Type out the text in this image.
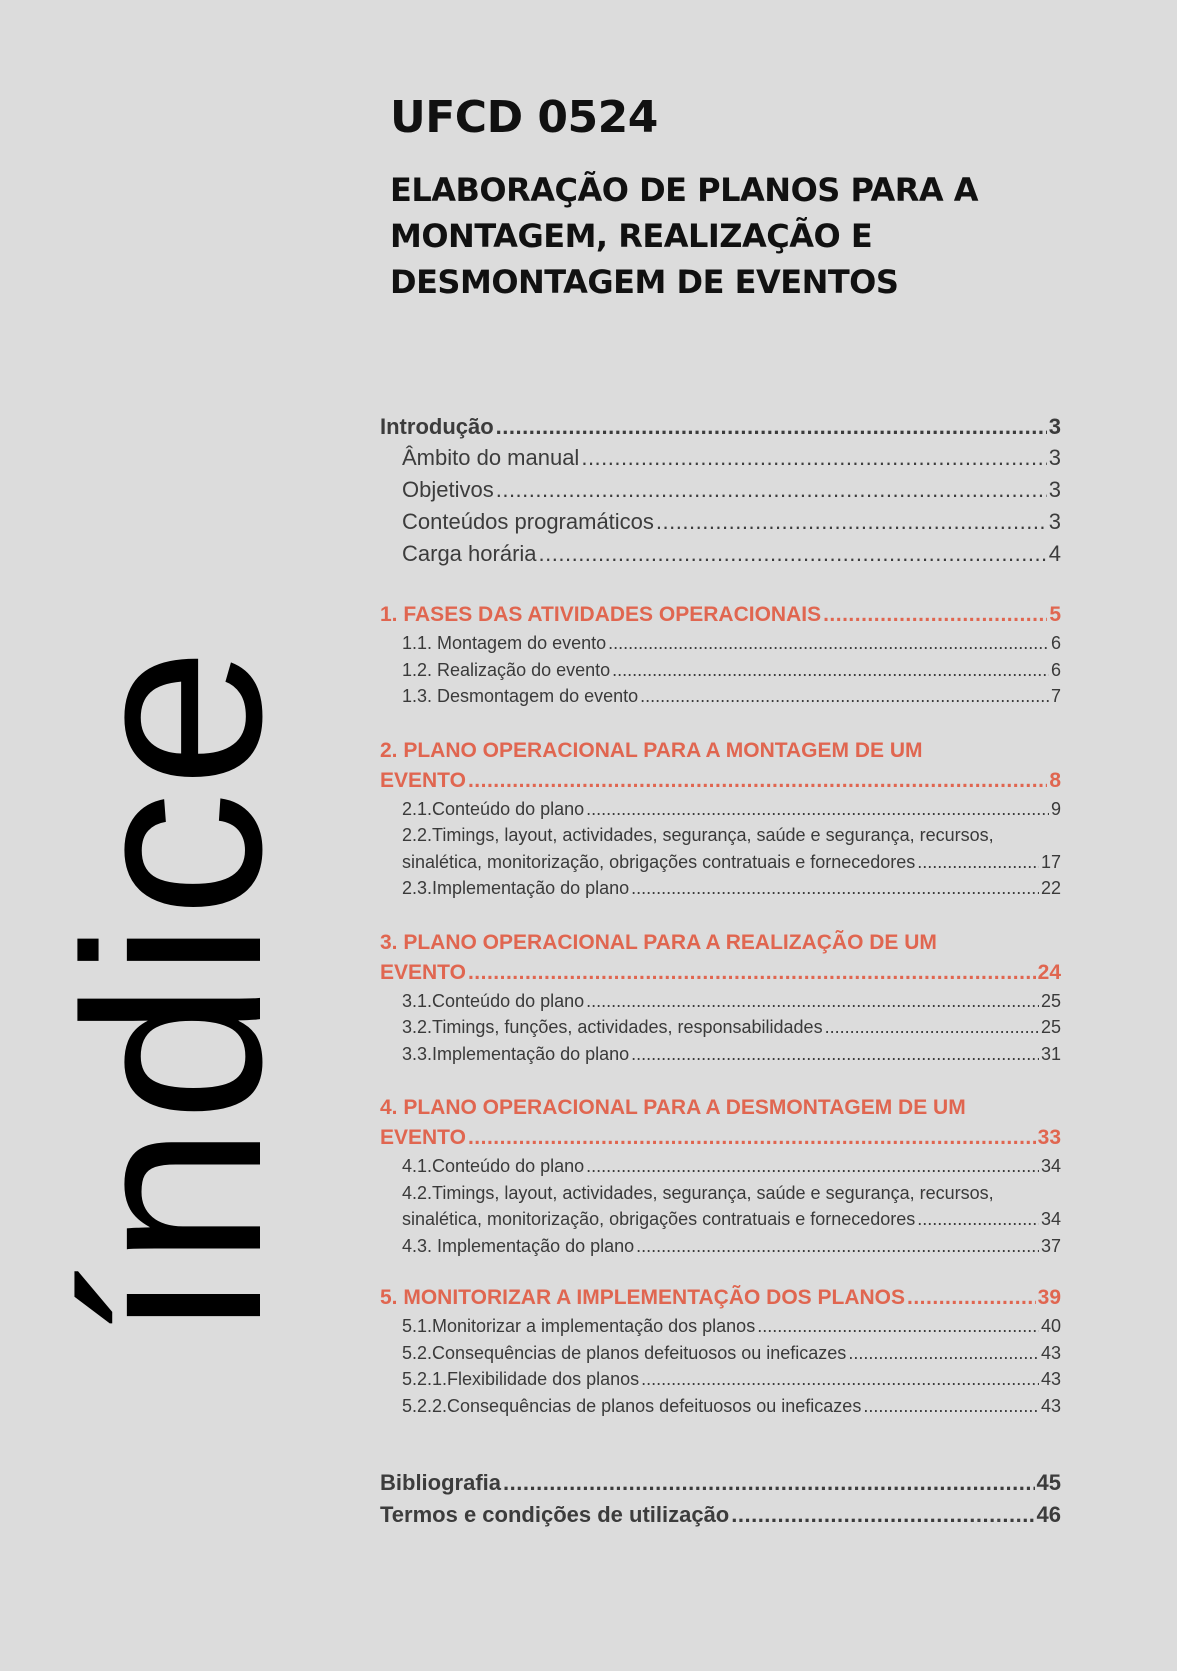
índice
UFCD 0524
ELABORAÇÃO DE PLANOS PARA A
MONTAGEM, REALIZAÇÃO E
DESMONTAGEM DE EVENTOS
Introdução .....	3
Âmbito do manual .....	3
Objetivos .....	3
Conteúdos programáticos .....	3
Carga horária .....	4
1. FASES DAS ATIVIDADES OPERACIONAIS .....	5
1.1. Montagem do evento .....	6
1.2. Realização do evento .....	6
1.3. Desmontagem do evento .....	7
2. PLANO OPERACIONAL PARA A MONTAGEM DE UM
EVENTO .....	8
2.1.Conteúdo do plano .....	9
2.2.Timings, layout, actividades, segurança, saúde e segurança, recursos,
sinalética, monitorização, obrigações contratuais e fornecedores .....	17
2.3.Implementação do plano .....	22
3. PLANO OPERACIONAL PARA A REALIZAÇÃO DE UM
EVENTO .....	24
3.1.Conteúdo do plano .....	25
3.2.Timings, funções, actividades, responsabilidades .....	25
3.3.Implementação do plano .....	31
4. PLANO OPERACIONAL PARA A DESMONTAGEM DE UM
EVENTO .....	33
4.1.Conteúdo do plano .....	34
4.2.Timings, layout, actividades, segurança, saúde e segurança, recursos,
sinalética, monitorização, obrigações contratuais e fornecedores .....	34
4.3. Implementação do plano .....	37
5. MONITORIZAR A IMPLEMENTAÇÃO DOS PLANOS .....	39
5.1.Monitorizar a implementação dos planos .....	40
5.2.Consequências de planos defeituosos ou ineficazes .....	43
5.2.1.Flexibilidade dos planos .....	43
5.2.2.Consequências de planos defeituosos ou ineficazes .....	43
Bibliografia .....	45
Termos e condições de utilização .....	46
